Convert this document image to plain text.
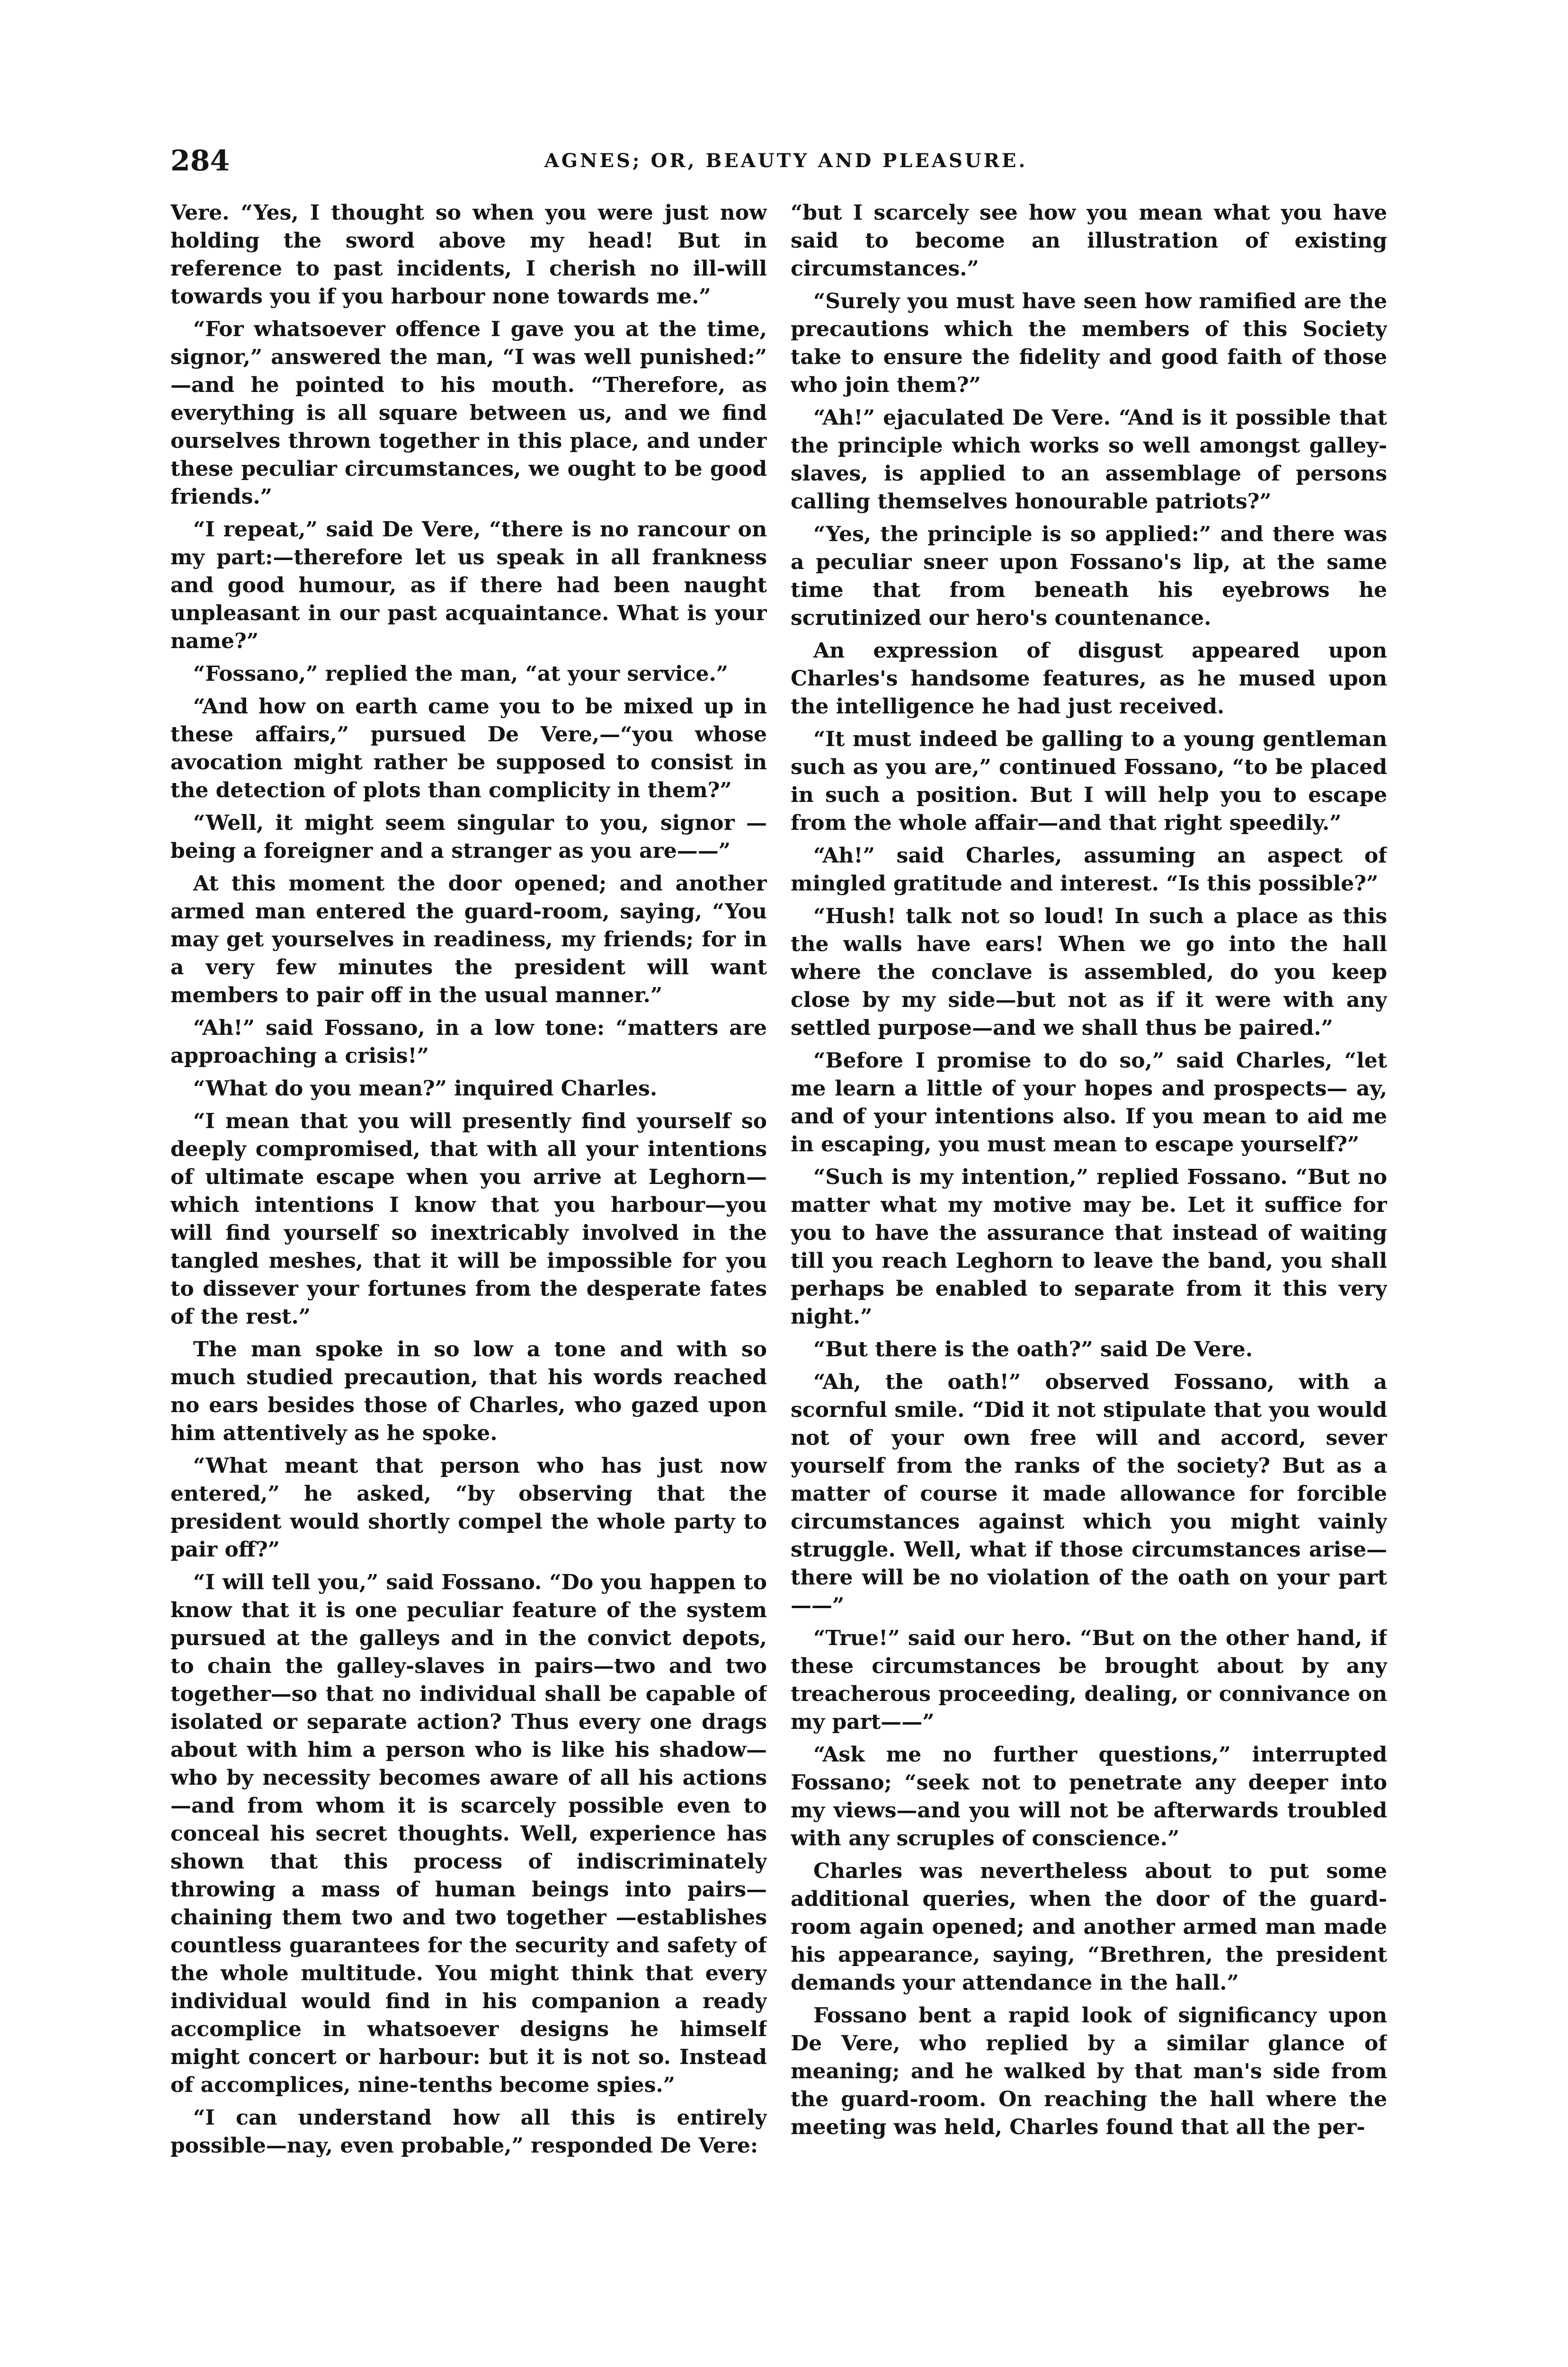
284	AGNES; OR, BEAUTY AND PLEASURE.

Vere. “Yes, I thought so when you were just now holding the sword above my head! But in reference to past incidents, I cherish no ill-will towards you if you harbour none towards me.”

“For whatsoever offence I gave you at the time, signor,” answered the man, “I was well punished:” —and he pointed to his mouth. “Therefore, as everything is all square between us, and we find ourselves thrown together in this place, and under these peculiar circumstances, we ought to be good friends.”

“I repeat,” said De Vere, “there is no rancour on my part:—therefore let us speak in all frankness and good humour, as if there had been naught unpleasant in our past acquaintance. What is your name?”

“Fossano,” replied the man, “at your service.”

“And how on earth came you to be mixed up in these affairs,” pursued De Vere,—“you whose avocation might rather be supposed to consist in the detection of plots than complicity in them?”

“Well, it might seem singular to you, signor —being a foreigner and a stranger as you are——”

At this moment the door opened; and another armed man entered the guard-room, saying, “You may get yourselves in readiness, my friends; for in a very few minutes the president will want members to pair off in the usual manner.”

“Ah!” said Fossano, in a low tone: “matters are approaching a crisis!”

“What do you mean?” inquired Charles.

“I mean that you will presently find yourself so deeply compromised, that with all your intentions of ultimate escape when you arrive at Leghorn—which intentions I know that you harbour—you will find yourself so inextricably involved in the tangled meshes, that it will be impossible for you to dissever your fortunes from the desperate fates of the rest.”

The man spoke in so low a tone and with so much studied precaution, that his words reached no ears besides those of Charles, who gazed upon him attentively as he spoke.

“What meant that person who has just now entered,” he asked, “by observing that the president would shortly compel the whole party to pair off?”

“I will tell you,” said Fossano. “Do you happen to know that it is one peculiar feature of the system pursued at the galleys and in the convict depots, to chain the galley-slaves in pairs—two and two together—so that no individual shall be capable of isolated or separate action? Thus every one drags about with him a person who is like his shadow—who by necessity becomes aware of all his actions—and from whom it is scarcely possible even to conceal his secret thoughts. Well, experience has shown that this process of indiscriminately throwing a mass of human beings into pairs—chaining them two and two together —establishes countless guarantees for the security and safety of the whole multitude. You might think that every individual would find in his companion a ready accomplice in whatsoever designs he himself might concert or harbour: but it is not so. Instead of accomplices, nine-tenths become spies.”

“I can understand how all this is entirely possible—nay, even probable,” responded De Vere:

“but I scarcely see how you mean what you have said to become an illustration of existing circumstances.”

“Surely you must have seen how ramified are the precautions which the members of this Society take to ensure the fidelity and good faith of those who join them?”

“Ah!” ejaculated De Vere. “And is it possible that the principle which works so well amongst galley-slaves, is applied to an assemblage of persons calling themselves honourable patriots?”

“Yes, the principle is so applied:” and there was a peculiar sneer upon Fossano's lip, at the same time that from beneath his eyebrows he scrutinized our hero's countenance.

An expression of disgust appeared upon Charles's handsome features, as he mused upon the intelligence he had just received.

“It must indeed be galling to a young gentleman such as you are,” continued Fossano, “to be placed in such a position. But I will help you to escape from the whole affair—and that right speedily.”

“Ah!” said Charles, assuming an aspect of mingled gratitude and interest. “Is this possible?”

“Hush! talk not so loud! In such a place as this the walls have ears! When we go into the hall where the conclave is assembled, do you keep close by my side—but not as if it were with any settled purpose—and we shall thus be paired.”

“Before I promise to do so,” said Charles, “let me learn a little of your hopes and prospects— ay, and of your intentions also. If you mean to aid me in escaping, you must mean to escape yourself?”

“Such is my intention,” replied Fossano. “But no matter what my motive may be. Let it suffice for you to have the assurance that instead of waiting till you reach Leghorn to leave the band, you shall perhaps be enabled to separate from it this very night.”

“But there is the oath?” said De Vere.

“Ah, the oath!” observed Fossano, with a scornful smile. “Did it not stipulate that you would not of your own free will and accord, sever yourself from the ranks of the society? But as a matter of course it made allowance for forcible circumstances against which you might vainly struggle. Well, what if those circumstances arise—there will be no violation of the oath on your part——”

“True!” said our hero. “But on the other hand, if these circumstances be brought about by any treacherous proceeding, dealing, or connivance on my part——”

“Ask me no further questions,” interrupted Fossano; “seek not to penetrate any deeper into my views—and you will not be afterwards troubled with any scruples of conscience.”

Charles was nevertheless about to put some additional queries, when the door of the guard-room again opened; and another armed man made his appearance, saying, “Brethren, the president demands your attendance in the hall.”

Fossano bent a rapid look of significancy upon De Vere, who replied by a similar glance of meaning; and he walked by that man's side from the guard-room. On reaching the hall where the meeting was held, Charles found that all the per-
